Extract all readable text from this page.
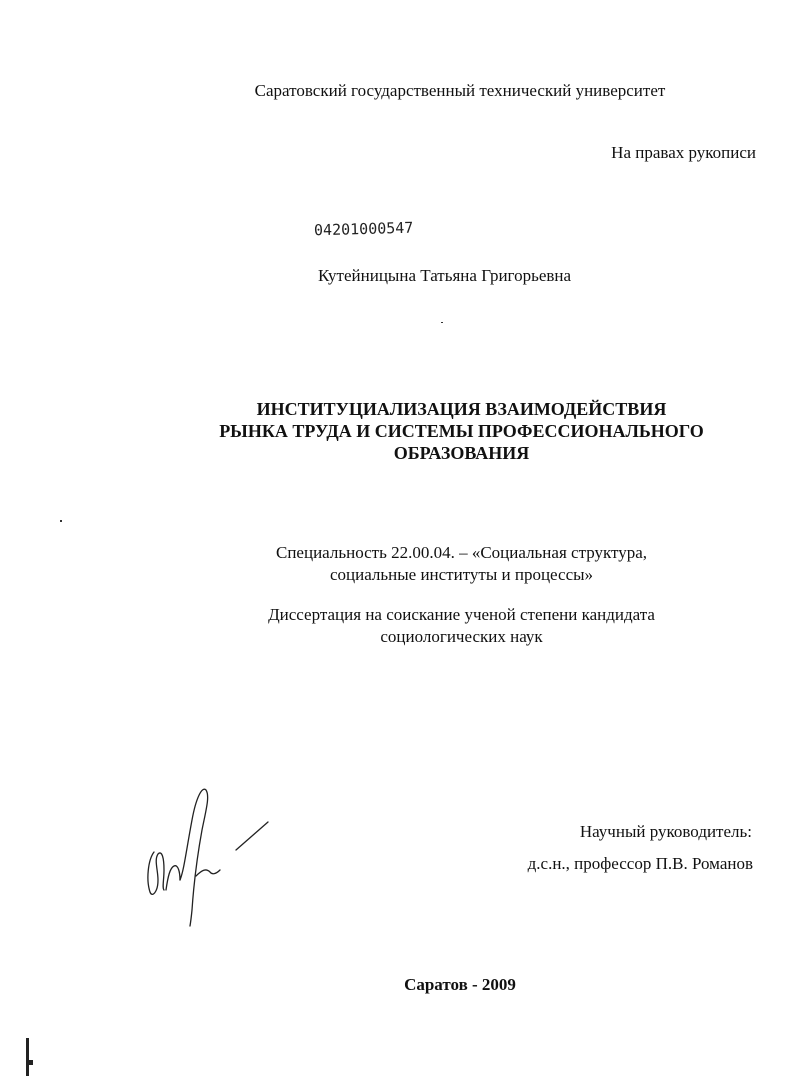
Саратовский государственный технический университет
На правах рукописи
04201000547
Кутейницына Татьяна Григорьевна
ИНСТИТУЦИАЛИЗАЦИЯ ВЗАИМОДЕЙСТВИЯ
РЫНКА ТРУДА И СИСТЕМЫ ПРОФЕССИОНАЛЬНОГО
ОБРАЗОВАНИЯ
Специальность 22.00.04. – «Социальная структура,
социальные институты и процессы»
Диссертация на соискание ученой степени кандидата
социологических наук
Научный руководитель:
д.с.н., профессор П.В. Романов
Саратов - 2009
